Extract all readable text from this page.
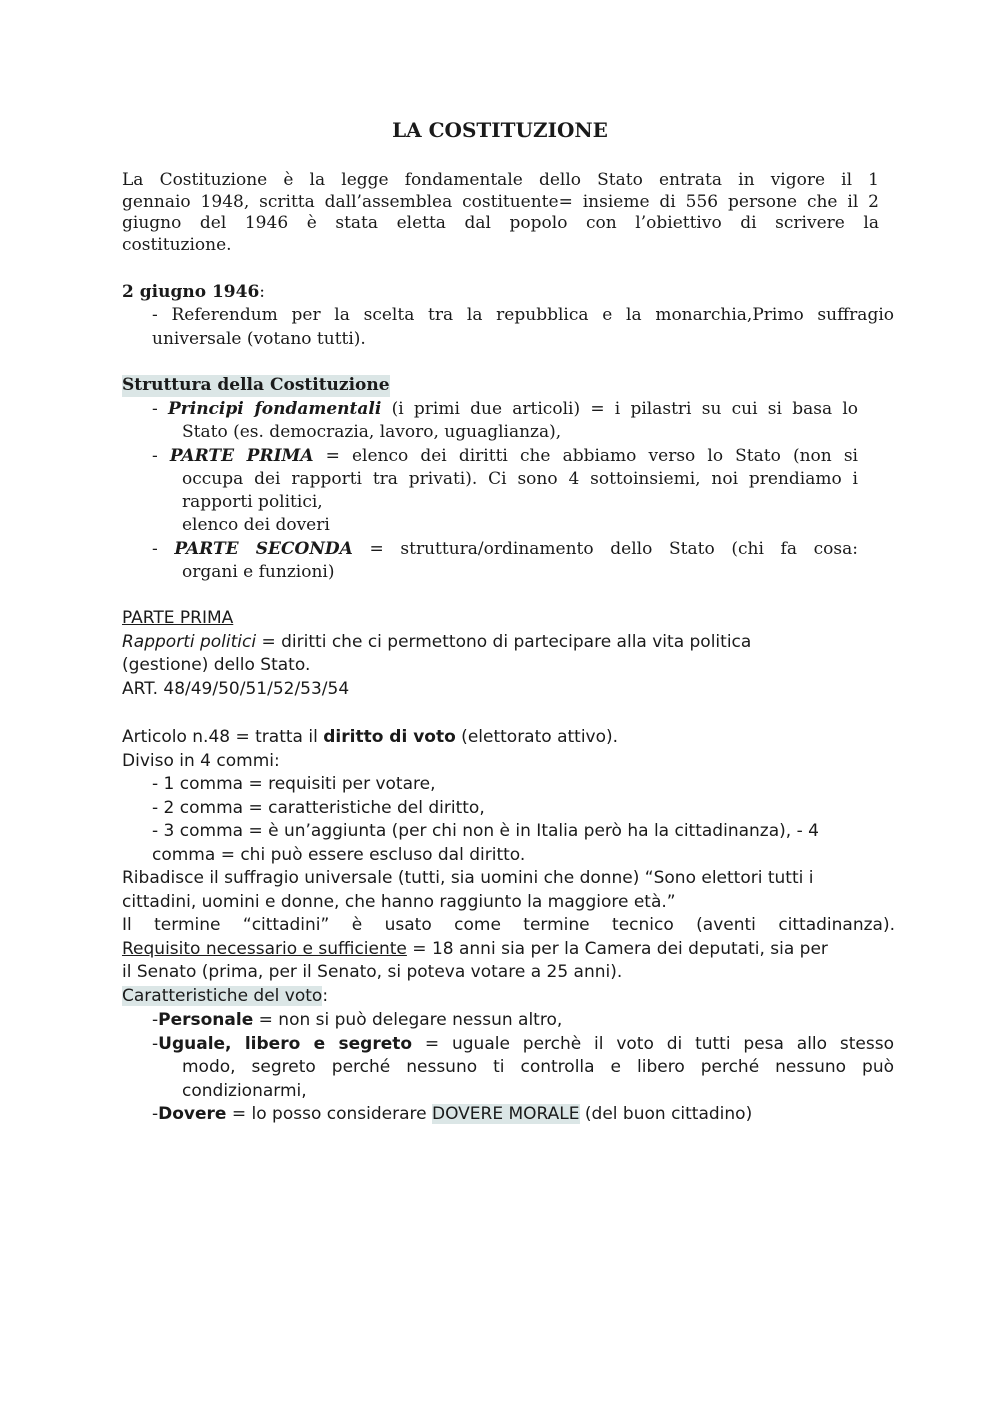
LA COSTITUZIONE
La Costituzione è la legge fondamentale dello Stato entrata in vigore il 1
gennaio 1948, scritta dall’assemblea costituente= insieme di 556 persone che il 2
giugno del 1946 è stata eletta dal popolo con l’obiettivo di scrivere la
costituzione.
2 giugno 1946:
- Referendum per la scelta tra la repubblica e la monarchia,Primo suffragio
universale (votano tutti).
Struttura della Costituzione
- Principi fondamentali (i primi due articoli) = i pilastri su cui si basa lo
Stato (es. democrazia, lavoro, uguaglianza),
- PARTE PRIMA = elenco dei diritti che abbiamo verso lo Stato (non si
occupa dei rapporti tra privati). Ci sono 4 sottoinsiemi, noi prendiamo i
rapporti politici,
elenco dei doveri
- PARTE SECONDA = struttura/ordinamento dello Stato (chi fa cosa:
organi e funzioni)
PARTE PRIMA
Rapporti politici = diritti che ci permettono di partecipare alla vita politica
(gestione) dello Stato.
ART. 48/49/50/51/52/53/54
Articolo n.48 = tratta il diritto di voto (elettorato attivo).
Diviso in 4 commi:
- 1 comma = requisiti per votare,
- 2 comma = caratteristiche del diritto,
- 3 comma = è un’aggiunta (per chi non è in Italia però ha la cittadinanza), - 4
comma = chi può essere escluso dal diritto.
Ribadisce il suffragio universale (tutti, sia uomini che donne) “Sono elettori tutti i
cittadini, uomini e donne, che hanno raggiunto la maggiore età.”
Il termine “cittadini” è usato come termine tecnico (aventi cittadinanza).
Requisito necessario e sufficiente = 18 anni sia per la Camera dei deputati, sia per
il Senato (prima, per il Senato, si poteva votare a 25 anni).
Caratteristiche del voto:
-Personale = non si può delegare nessun altro,
-Uguale, libero e segreto = uguale perchè il voto di tutti pesa allo stesso
modo, segreto perché nessuno ti controlla e libero perché nessuno può
condizionarmi,
-Dovere = lo posso considerare DOVERE MORALE (del buon cittadino)
